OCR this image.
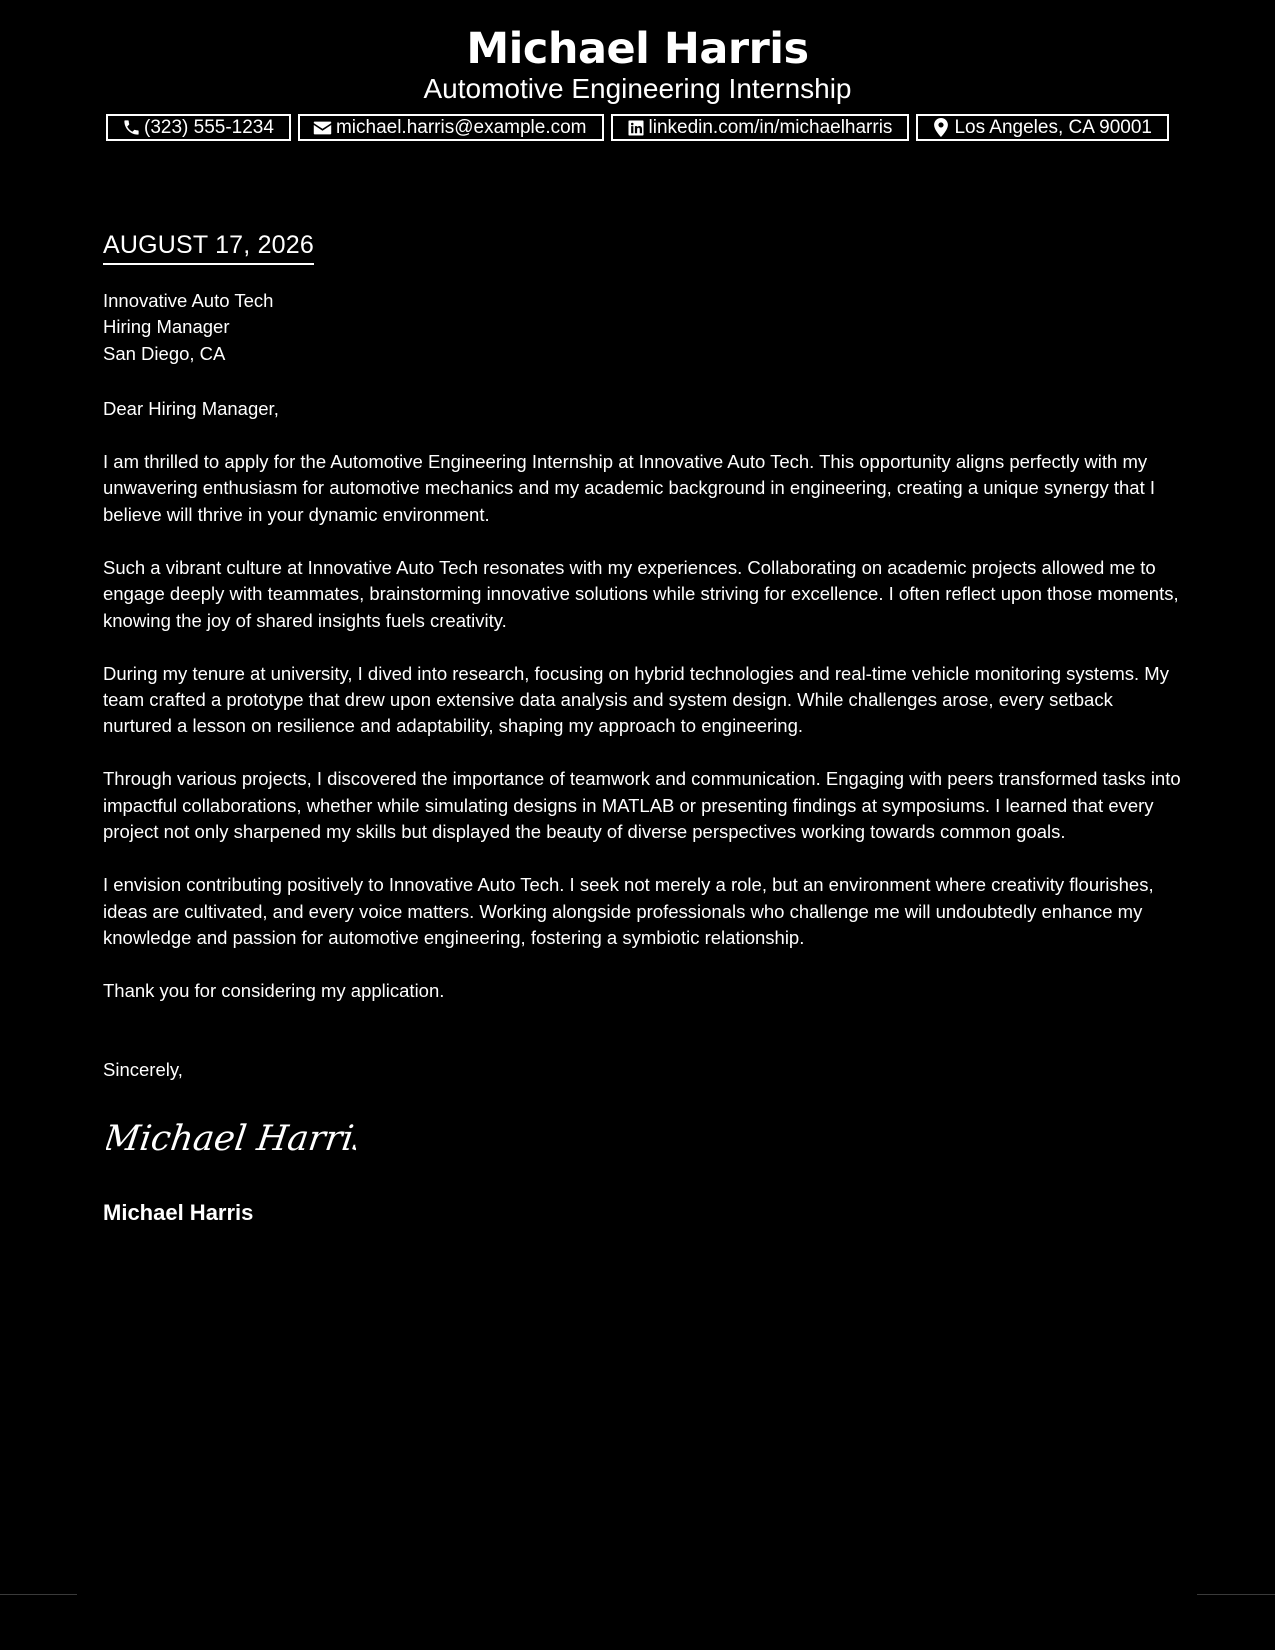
Michael Harris
Automotive Engineering Internship
(323) 555-1234	michael.harris@example.com	linkedin.com/in/michaelharris	Los Angeles, CA 90001
AUGUST 17, 2026
Innovative Auto Tech
Hiring Manager
San Diego, CA
Dear Hiring Manager,

I am thrilled to apply for the Automotive Engineering Internship at Innovative Auto Tech. This opportunity aligns perfectly with my unwavering enthusiasm for automotive mechanics and my academic background in engineering, creating a unique synergy that I believe will thrive in your dynamic environment.

Such a vibrant culture at Innovative Auto Tech resonates with my experiences. Collaborating on academic projects allowed me to engage deeply with teammates, brainstorming innovative solutions while striving for excellence. I often reflect upon those moments, knowing the joy of shared insights fuels creativity.

During my tenure at university, I dived into research, focusing on hybrid technologies and real-time vehicle monitoring systems. My team crafted a prototype that drew upon extensive data analysis and system design. While challenges arose, every setback nurtured a lesson on resilience and adaptability, shaping my approach to engineering.

Through various projects, I discovered the importance of teamwork and communication. Engaging with peers transformed tasks into impactful collaborations, whether while simulating designs in MATLAB or presenting findings at symposiums. I learned that every project not only sharpened my skills but displayed the beauty of diverse perspectives working towards common goals.

I envision contributing positively to Innovative Auto Tech. I seek not merely a role, but an environment where creativity flourishes, ideas are cultivated, and every voice matters. Working alongside professionals who challenge me will undoubtedly enhance my knowledge and passion for automotive engineering, fostering a symbiotic relationship.

Thank you for considering my application.

Sincerely,
Michael Harris
Michael Harris
